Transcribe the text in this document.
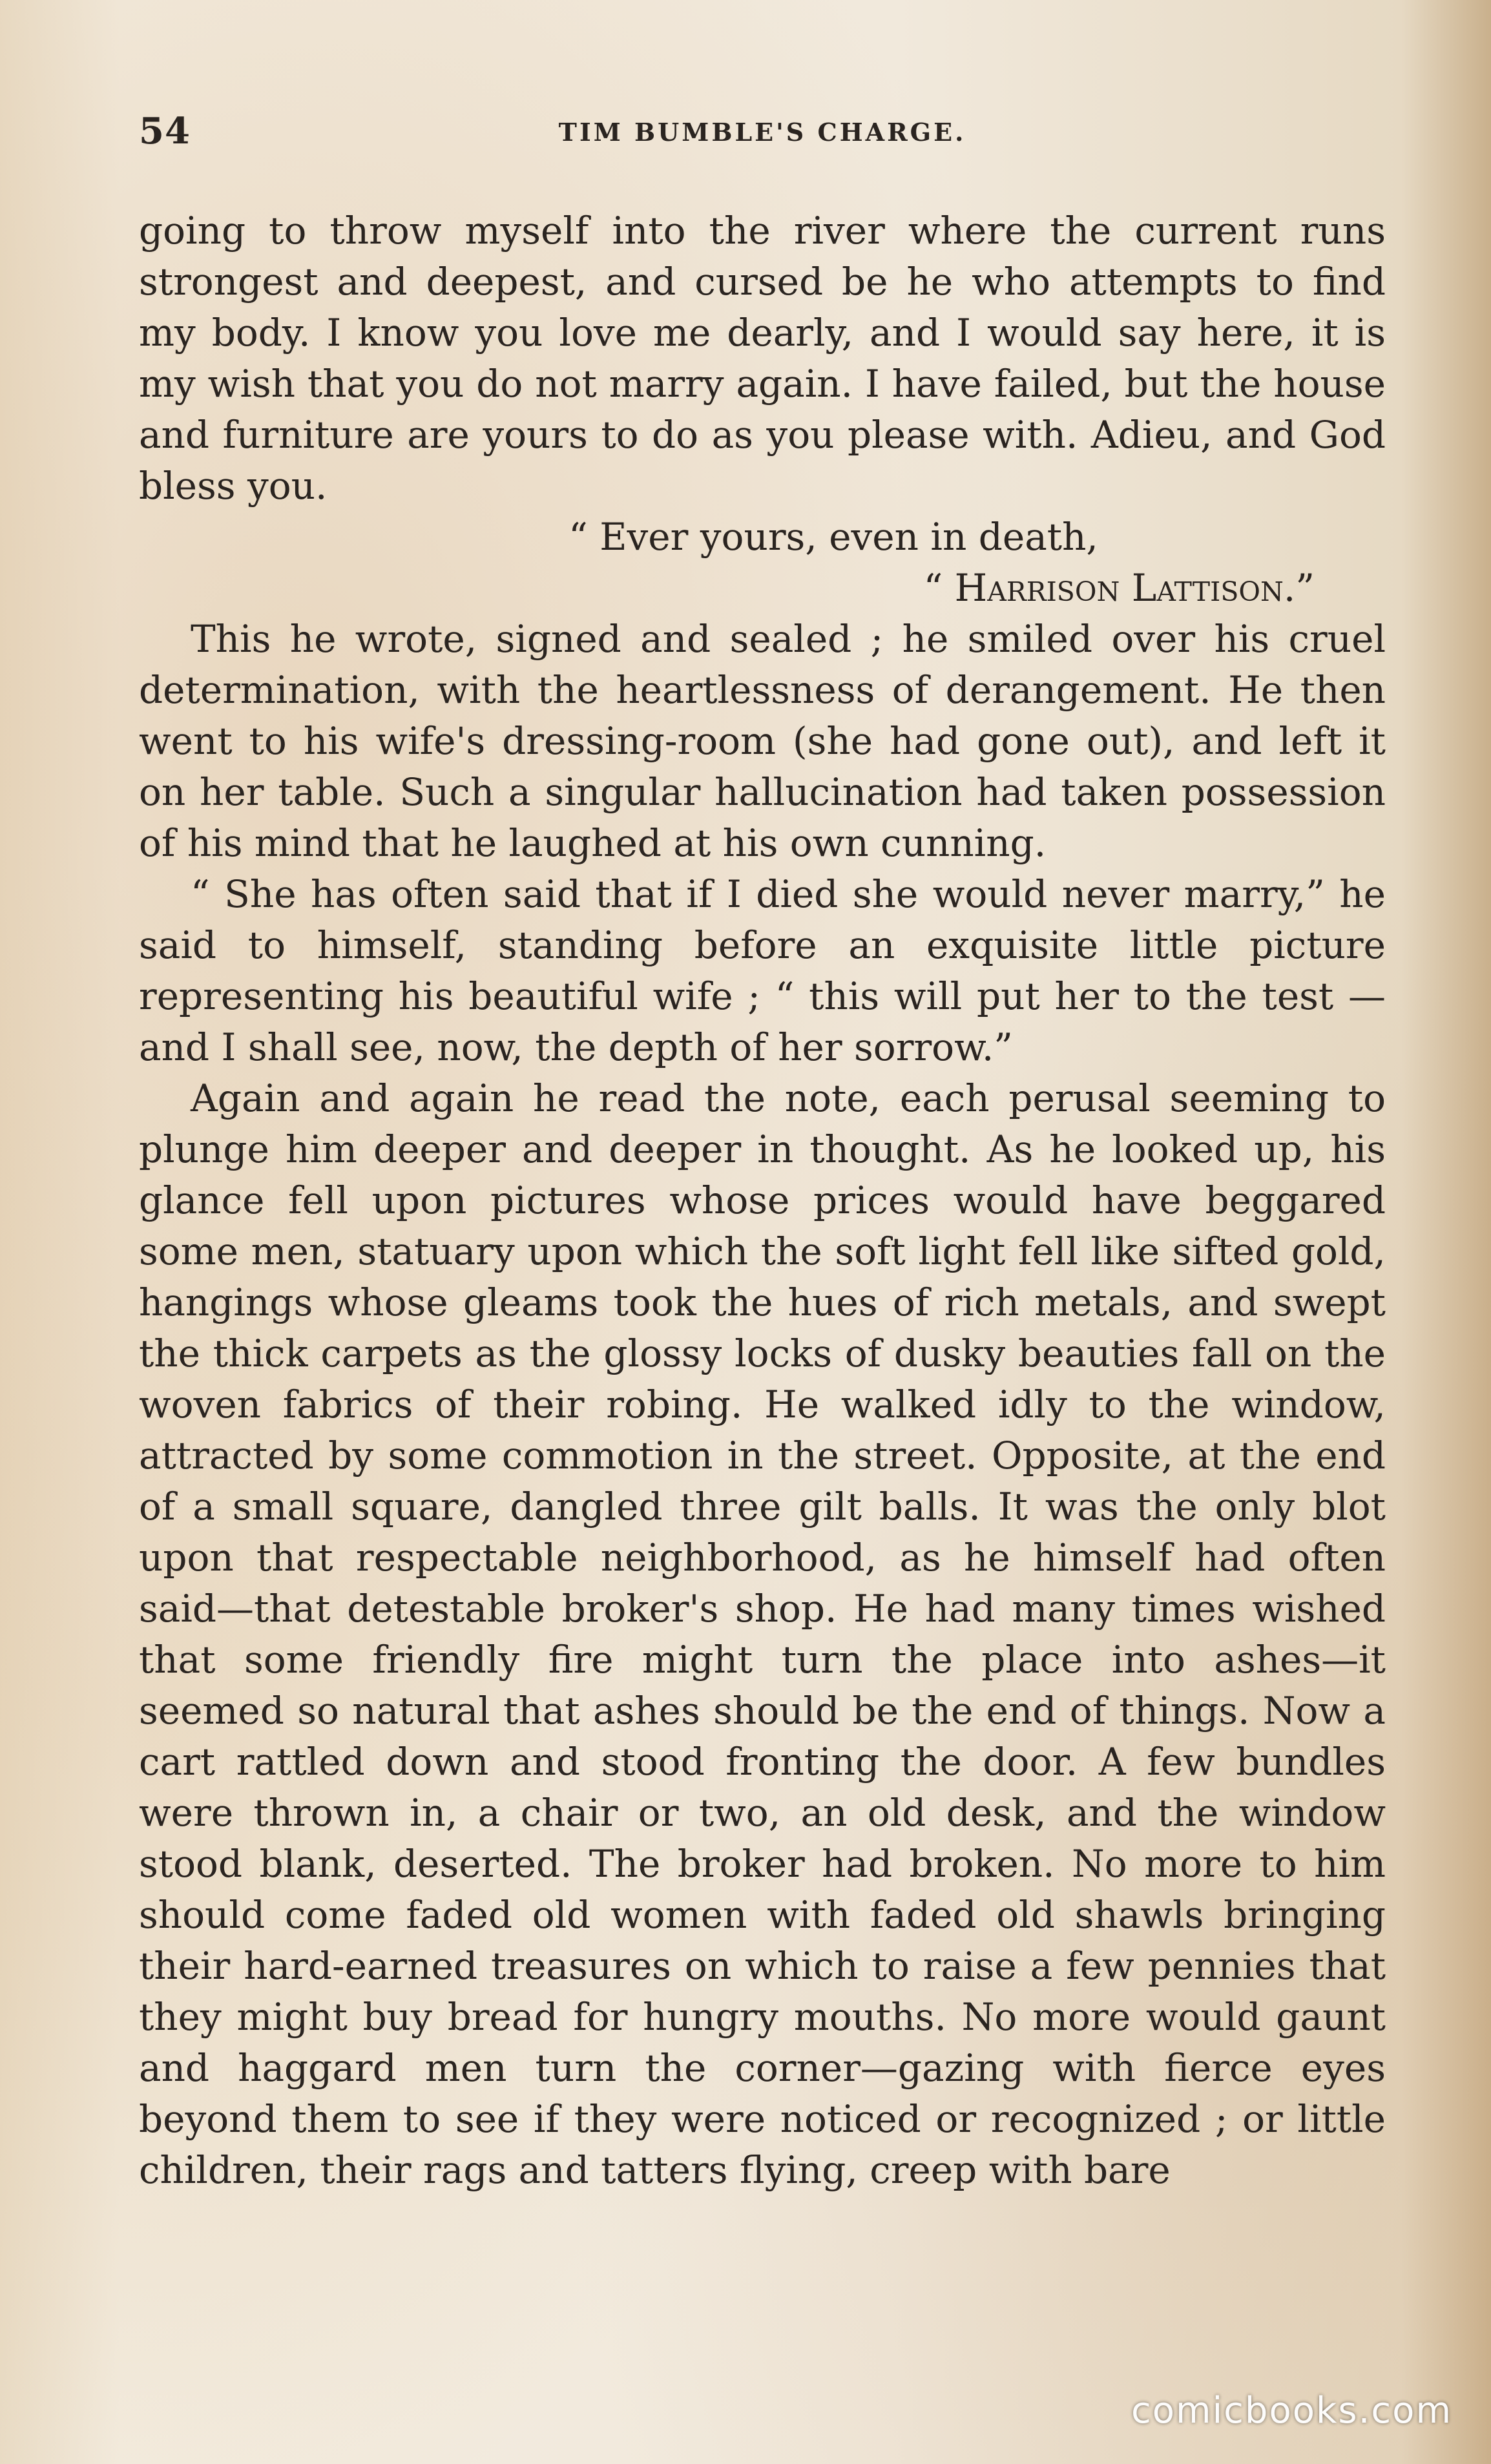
54	TIM BUMBLE'S CHARGE.

going to throw myself into the river where the current runs strongest and deepest, and cursed be he who attempts to find my body. I know you love me dearly, and I would say here, it is my wish that you do not marry again. I have failed, but the house and furniture are yours to do as you please with. Adieu, and God bless you.

“ Ever yours, even in death,

“ Harrison Lattison.”

This he wrote, signed and sealed ; he smiled over his cruel determination, with the heartlessness of derangement. He then went to his wife's dressing-room (she had gone out), and left it on her table. Such a singular hallucination had taken possession of his mind that he laughed at his own cunning.

“ She has often said that if I died she would never marry,” he said to himself, standing before an exquisite little picture representing his beautiful wife ; “ this will put her to the test —and I shall see, now, the depth of her sorrow.”

Again and again he read the note, each perusal seeming to plunge him deeper and deeper in thought. As he looked up, his glance fell upon pictures whose prices would have beggared some men, statuary upon which the soft light fell like sifted gold, hangings whose gleams took the hues of rich metals, and swept the thick carpets as the glossy locks of dusky beauties fall on the woven fabrics of their robing. He walked idly to the window, attracted by some commotion in the street. Opposite, at the end of a small square, dangled three gilt balls. It was the only blot upon that respectable neighborhood, as he himself had often said—that detestable broker's shop. He had many times wished that some friendly fire might turn the place into ashes—it seemed so natural that ashes should be the end of things. Now a cart rattled down and stood fronting the door. A few bundles were thrown in, a chair or two, an old desk, and the window stood blank, deserted. The broker had broken. No more to him should come faded old women with faded old shawls bringing their hard-earned treasures on which to raise a few pennies that they might buy bread for hungry mouths. No more would gaunt and haggard men turn the corner—gazing with fierce eyes beyond them to see if they were noticed or recognized ; or little children, their rags and tatters flying, creep with bare

comicbooks.com
